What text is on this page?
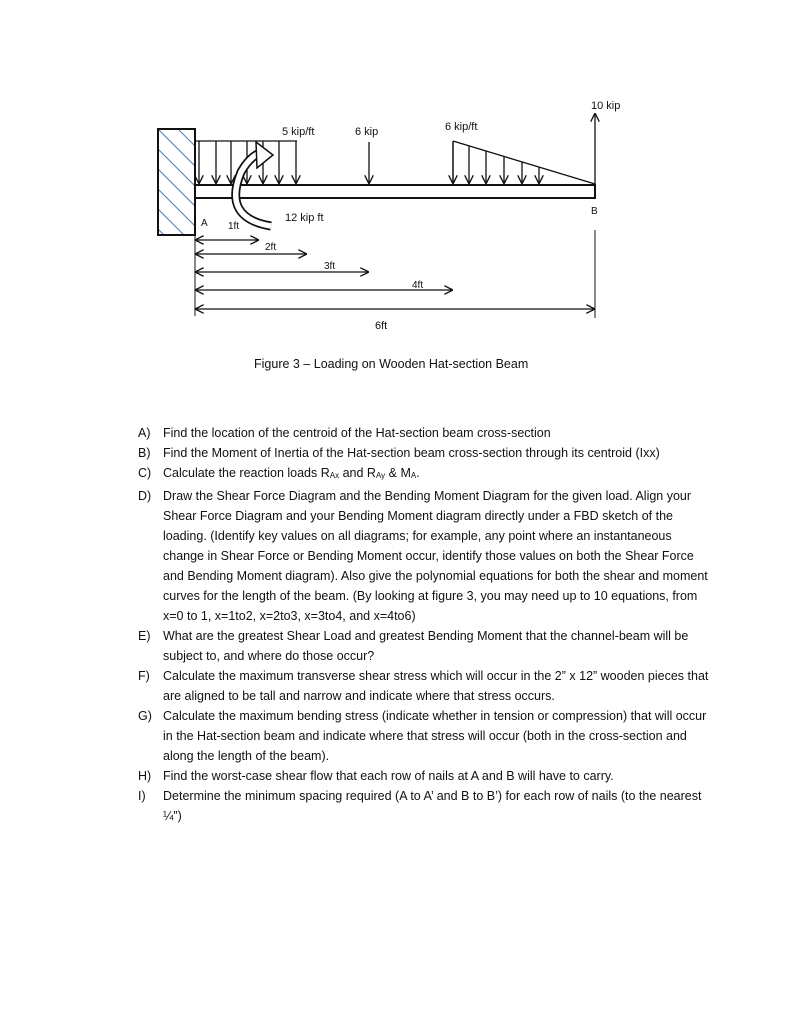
10 kip
5 kip/ft	6 kip	6 kip/ft
12 kip ft
A
B
1ft
2ft
3ft
4ft
6ft
Figure 3 – Loading on Wooden Hat-section Beam
A)	Find the location of the centroid of the Hat-section beam cross-section
B)	Find the Moment of Inertia of the Hat-section beam cross-section through its centroid (Ixx)
C) Calculate the reaction loads $R_{Ax}$ and $R_{Ay}$ & $M_A$.
D) Draw the Shear Force Diagram and the Bending Moment Diagram for the given load. Align your Shear Force Diagram and your Bending Moment diagram directly under a FBD sketch of the loading. (Identify key values on all diagrams; for example, any point where an instantaneous change in Shear Force or Bending Moment occur, identify those values on both the Shear Force and Bending Moment diagram). Also give the polynomial equations for both the shear and moment curves for the length of the beam. (By looking at figure 3, you may need up to 10 equations, from x=0 to 1, x=1to2, x=2to3, x=3to4, and x=4to6)
E)	What are the greatest Shear Load and greatest Bending Moment that the channel-beam will be subject to, and where do those occur?
F)	Calculate the maximum transverse shear stress which will occur in the 2” x 12” wooden pieces that are aligned to be tall and narrow and indicate where that stress occurs.
G) Calculate the maximum bending stress (indicate whether in tension or compression) that will occur in the Hat-section beam and indicate where that stress will occur (both in the cross-section and along the length of the beam).
H) Find the worst-case shear flow that each row of nails at A and B will have to carry.
I)	Determine the minimum spacing required (A to A’ and B to B’) for each row of nails (to the nearest ¼”)
